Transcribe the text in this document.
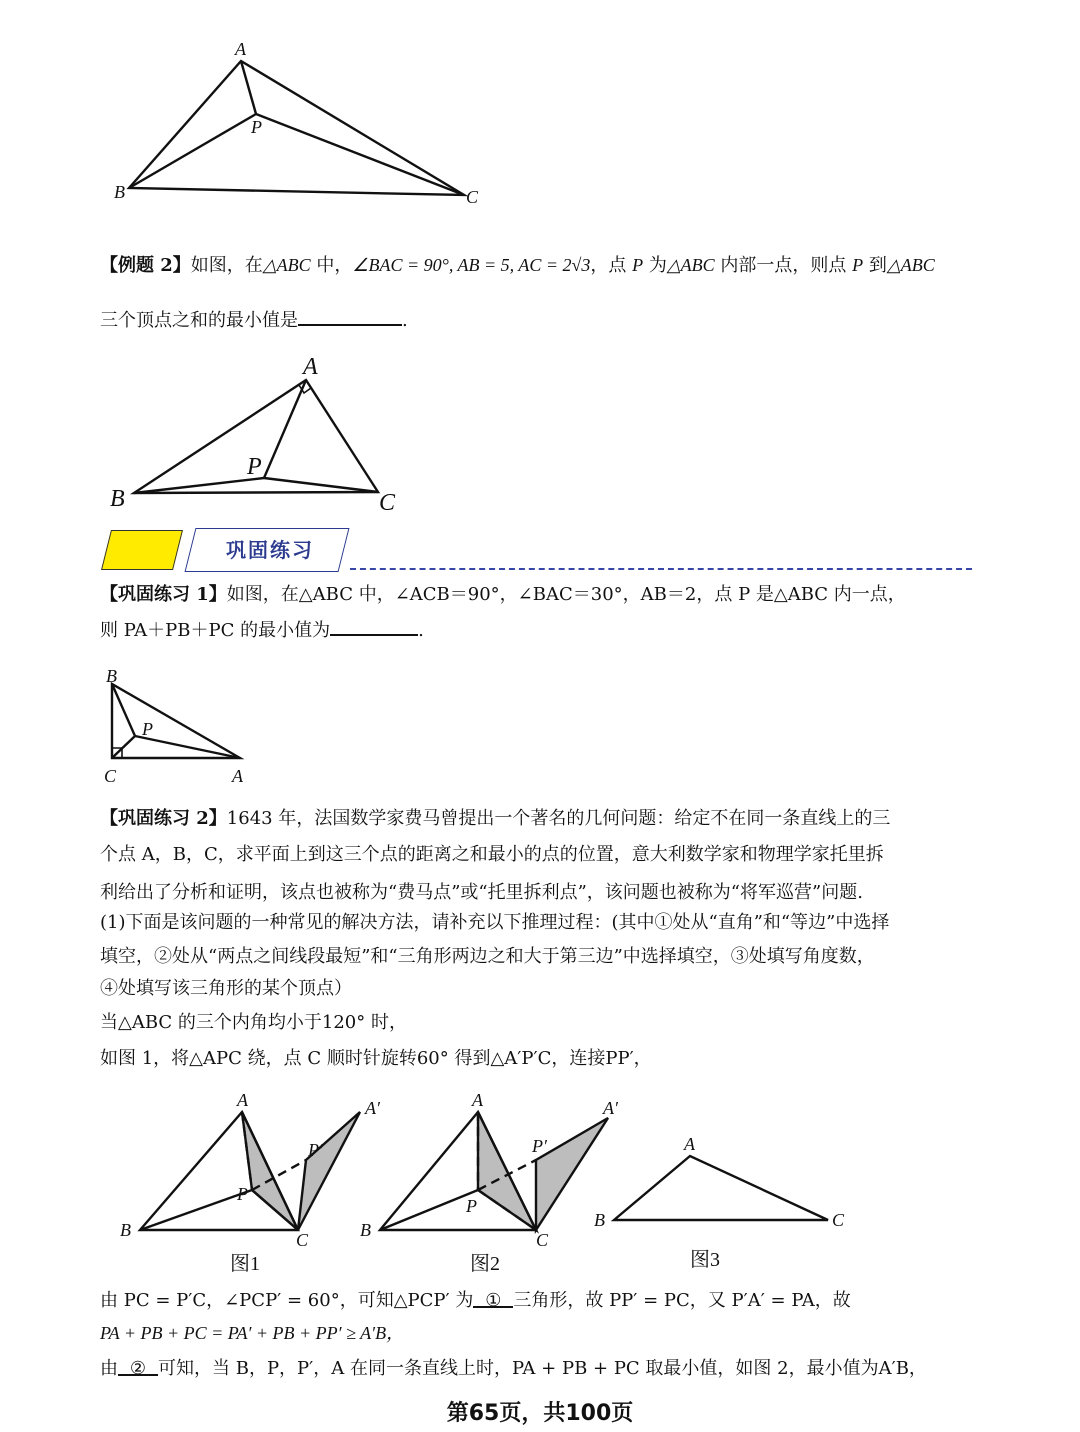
A
P
B	C
【例题 2】如图，在△ABC 中，∠BAC = 90°, AB = 5, AC = 2√3，点 P 为△ABC 内部一点，则点 P 到△ABC
三个顶点之和的最小值是	.
A
P
B	C
巩固练习
【巩固练习 1】如图，在△ABC 中，∠ACB＝90°，∠BAC＝30°，AB＝2，点 P 是△ABC 内一点，
则 PA＋PB＋PC 的最小值为	.
B
P
C	A
【巩固练习 2】1643 年，法国数学家费马曾提出一个著名的几何问题：给定不在同一条直线上的三
个点 A，B，C，求平面上到这三个点的距离之和最小的点的位置，意大利数学家和物理学家托里拆
利给出了分析和证明，该点也被称为“费马点”或“托里拆利点”，该问题也被称为“将军巡营”问题.
(1)下面是该问题的一种常见的解决方法，请补充以下推理过程：(其中①处从“直角”和“等边”中选择
填空，②处从“两点之间线段最短”和“三角形两边之和大于第三边”中选择填空，③处填写角度数，
④处填写该三角形的某个顶点）
当△ABC 的三个内角均小于120° 时，
如图 1，将△APC 绕，点 C 顺时针旋转60° 得到△A′P′C，连接PP′，
A	A′
P
P′
B	C
图1
A	A′
P
P′
B	C
图2
A
B	C
图3
由 PC = P′C，∠PCP′ = 60°，可知△PCP′ 为 ① 三角形，故 PP′ = PC，又 P′A′ = PA，故
PA + PB + PC = PA′ + PB + PP′ ≥ A′B，
由 ② 可知，当 B，P，P′，A 在同一条直线上时，PA + PB + PC 取最小值，如图 2，最小值为A′B，
第65页，共100页
